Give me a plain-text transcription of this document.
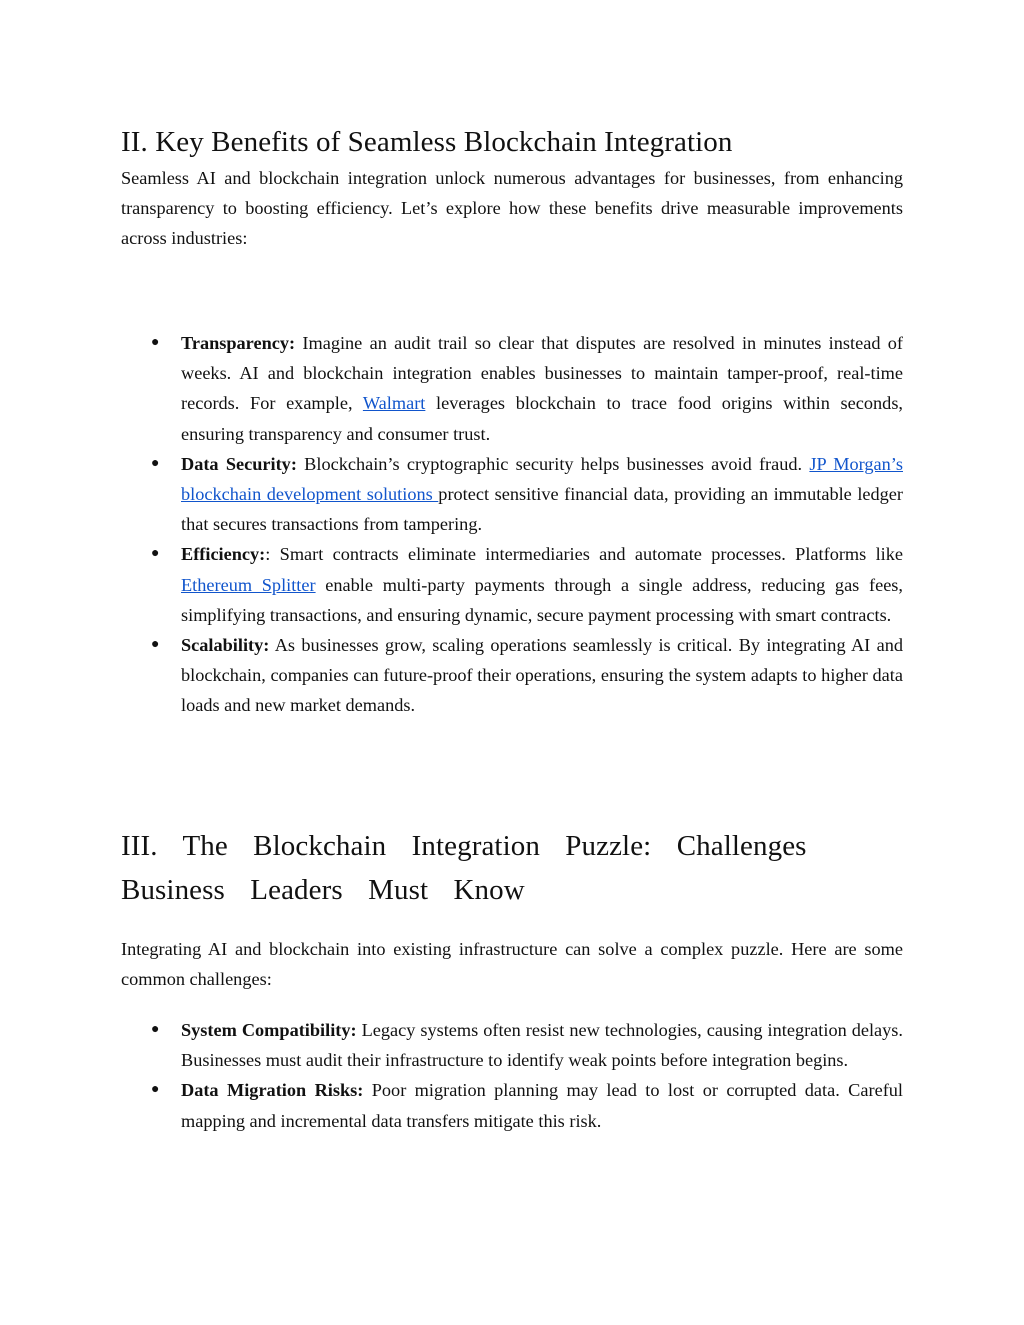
II. Key Benefits of Seamless Blockchain Integration

Seamless AI and blockchain integration unlock numerous advantages for businesses, from enhancing transparency to boosting efficiency. Let’s explore how these benefits drive measurable improvements across industries:

● Transparency: Imagine an audit trail so clear that disputes are resolved in minutes instead of weeks. AI and blockchain integration enables businesses to maintain tamper-proof, real-time records. For example, Walmart leverages blockchain to trace food origins within seconds, ensuring transparency and consumer trust.
● Data Security: Blockchain’s cryptographic security helps businesses avoid fraud. JP Morgan’s blockchain development solutions protect sensitive financial data, providing an immutable ledger that secures transactions from tampering.
● Efficiency:: Smart contracts eliminate intermediaries and automate processes. Platforms like Ethereum Splitter enable multi-party payments through a single address, reducing gas fees, simplifying transactions, and ensuring dynamic, secure payment processing with smart contracts.
● Scalability: As businesses grow, scaling operations seamlessly is critical. By integrating AI and blockchain, companies can future-proof their operations, ensuring the system adapts to higher data loads and new market demands.
III. The Blockchain Integration Puzzle: Challenges Business Leaders Must Know

Integrating AI and blockchain into existing infrastructure can solve a complex puzzle. Here are some common challenges:

● System Compatibility: Legacy systems often resist new technologies, causing integration delays. Businesses must audit their infrastructure to identify weak points before integration begins.
● Data Migration Risks: Poor migration planning may lead to lost or corrupted data. Careful mapping and incremental data transfers mitigate this risk.
